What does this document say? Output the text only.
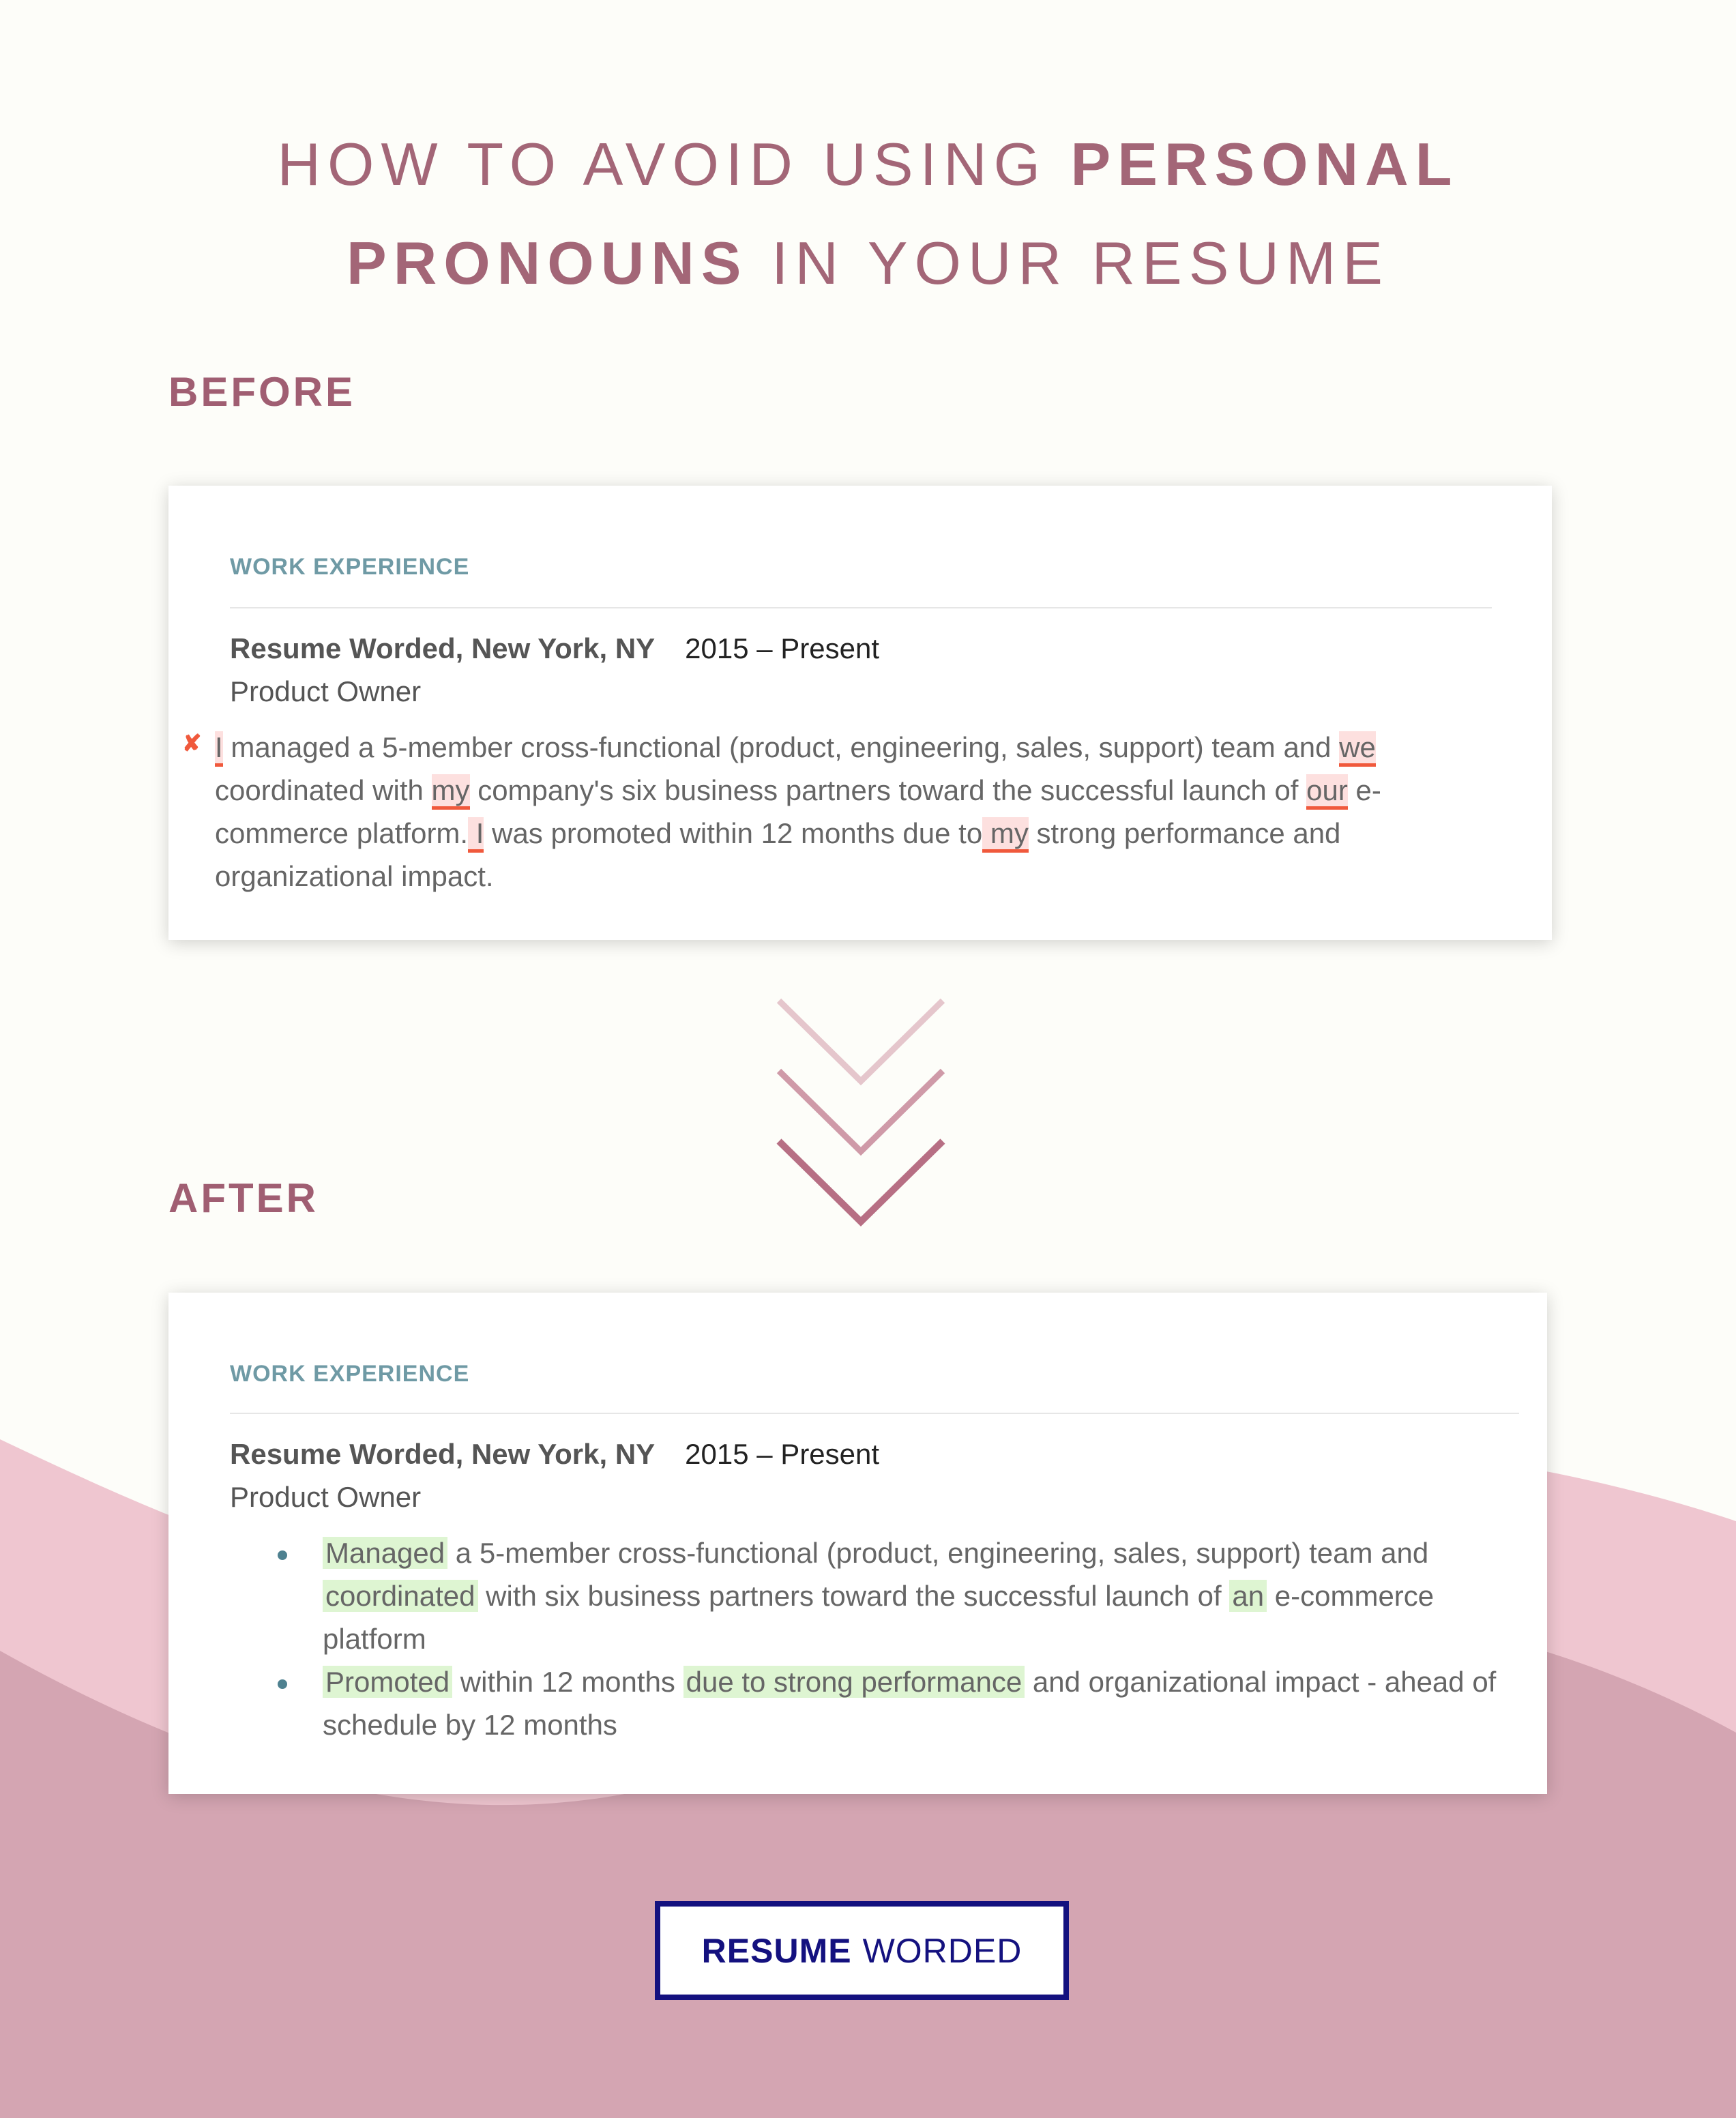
HOW TO AVOID USING PERSONAL
PRONOUNS IN YOUR RESUME
BEFORE
WORK EXPERIENCE
Resume Worded, New York, NY 2015 – Present
Product Owner
✘ I managed a 5-member cross-functional (product, engineering, sales, support) team and we coordinated with my company's six business partners toward the successful launch of our e-commerce platform. I was promoted within 12 months due to my strong performance and organizational impact.
AFTER
WORK EXPERIENCE
Resume Worded, New York, NY 2015 – Present
Product Owner
Managed a 5-member cross-functional (product, engineering, sales, support) team and coordinated with six business partners toward the successful launch of an e-commerce platform
Promoted within 12 months due to strong performance and organizational impact - ahead of schedule by 12 months
RESUME WORDED
